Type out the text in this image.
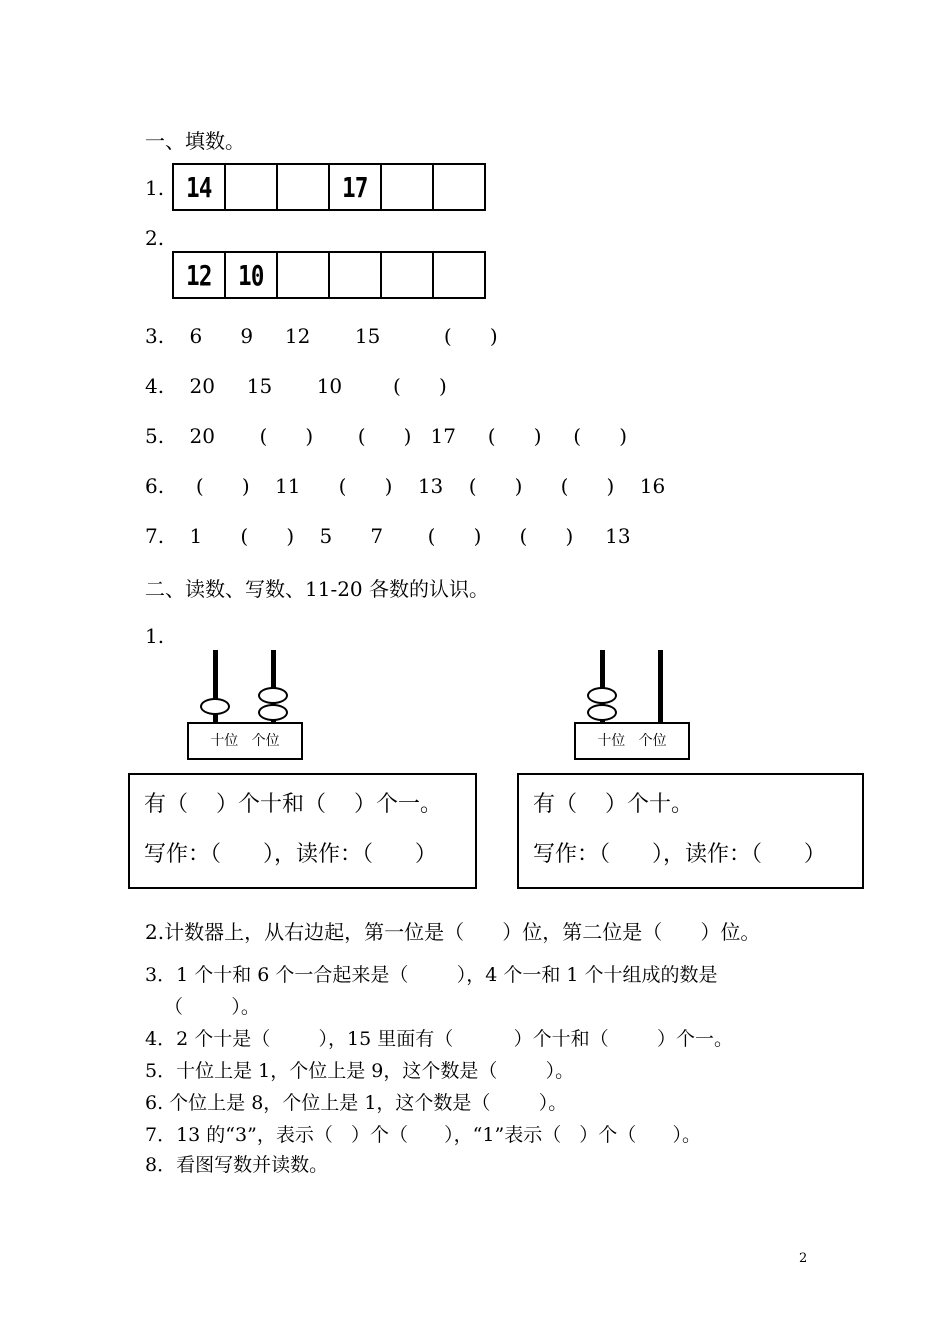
一、填数。
1. 14	17
2.
12 10
3.    6      9     12       15          (      )
4.    20     15       10        (      )
5.    20       (      )       (      )   17     (      )     (      )
6.     (      )    11      (      )    13    (      )      (      )    16
7.    1      (      )    5      7       (      )      (      )     13
二、读数、写数、11-20 各数的认识。
1.
十位   个位	十位   个位
有（    ）个十和（    ）个一。
写作：（      ），读作：（      ）
有（    ）个十。
写作：（      ），读作：（      ）
2.计数器上，从右边起，第一位是（      ）位，第二位是（      ）位。
3．1 个十和 6 个一合起来是（        ），4 个一和 1 个十组成的数是
（        ）。
4．2 个十是（        ），15 里面有（          ）个十和（        ）个一。
5．十位上是 1，个位上是 9，这个数是（        ）。
6. 个位上是 8，个位上是 1，这个数是（        ）。
7．13 的“3”，表示（   ）个（      ），“1”表示（   ）个（      ）。
8．看图写数并读数。
2
